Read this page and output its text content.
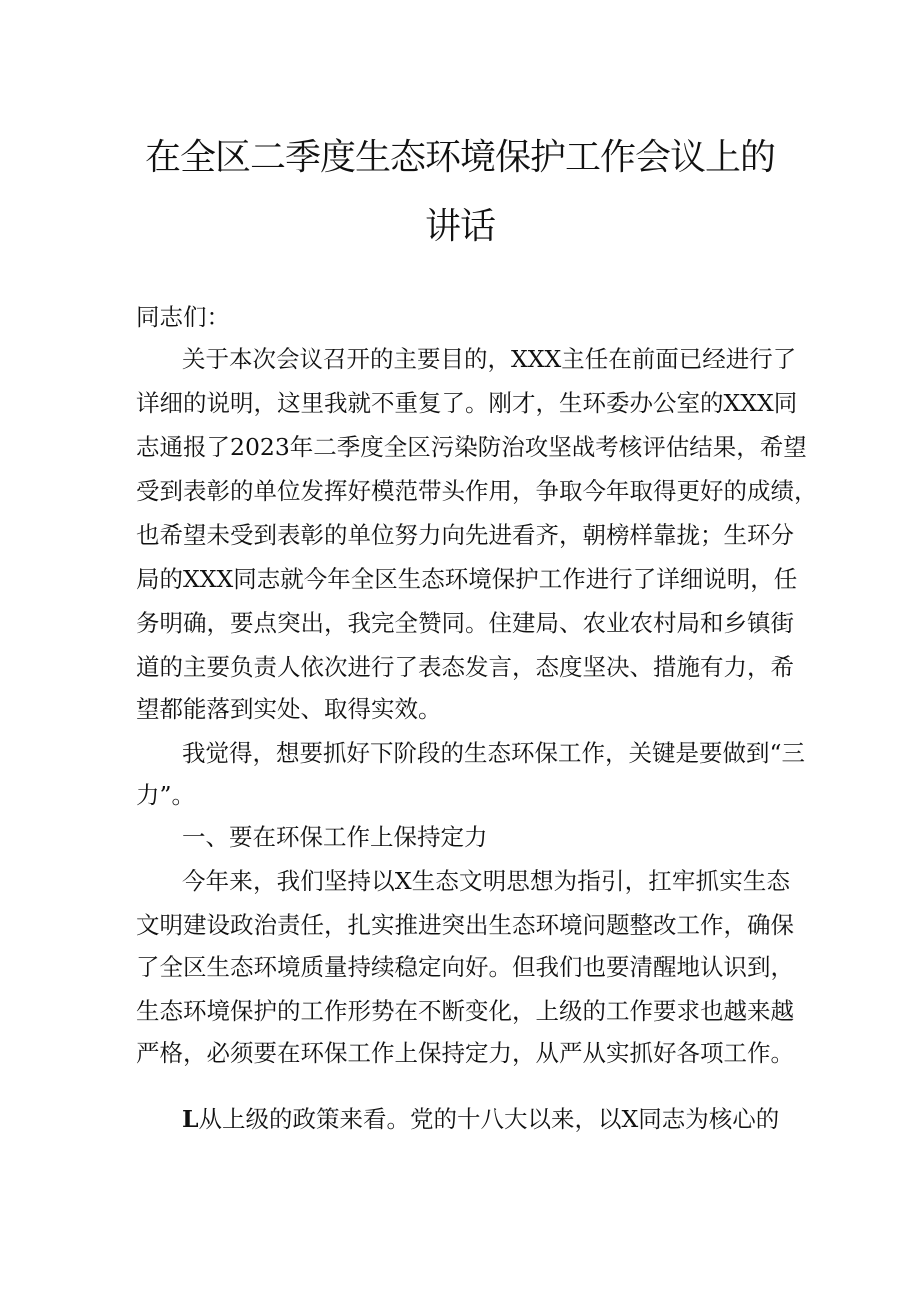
在全区二季度生态环境保护工作会议上的
讲话
同志们：
关于本次会议召开的主要目的，XXX主任在前面已经进行了
详细的说明，这里我就不重复了。刚才，生环委办公室的XXX同
志通报了2023年二季度全区污染防治攻坚战考核评估结果，希望
受到表彰的单位发挥好模范带头作用，争取今年取得更好的成绩，
也希望未受到表彰的单位努力向先进看齐，朝榜样靠拢；生环分
局的XXX同志就今年全区生态环境保护工作进行了详细说明，任
务明确，要点突出，我完全赞同。住建局、农业农村局和乡镇街
道的主要负责人依次进行了表态发言，态度坚决、措施有力，希
望都能落到实处、取得实效。
我觉得，想要抓好下阶段的生态环保工作，关键是要做到“三
力”。
一、要在环保工作上保持定力
今年来，我们坚持以X生态文明思想为指引，扛牢抓实生态
文明建设政治责任，扎实推进突出生态环境问题整改工作，确保
了全区生态环境质量持续稳定向好。但我们也要清醒地认识到，
生态环境保护的工作形势在不断变化，上级的工作要求也越来越
严格，必须要在环保工作上保持定力，从严从实抓好各项工作。
L从上级的政策来看。党的十八大以来，以X同志为核心的
